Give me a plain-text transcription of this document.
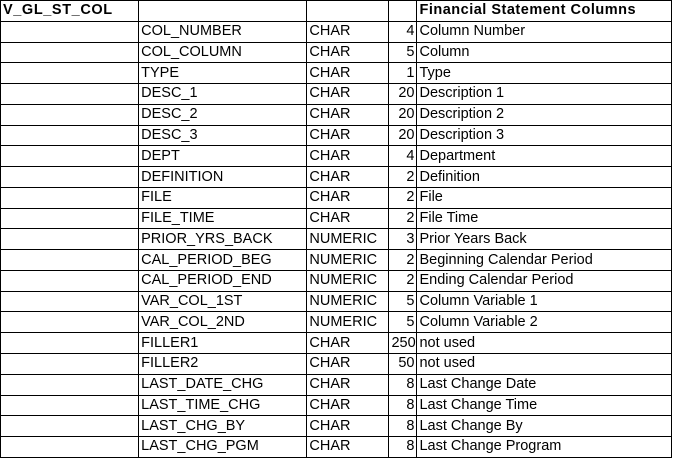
V_GL_ST_COL				Financial Statement Columns
	COL_NUMBER	CHAR	4	Column Number
	COL_COLUMN	CHAR	5	Column
	TYPE	CHAR	1	Type
	DESC_1	CHAR	20	Description 1
	DESC_2	CHAR	20	Description 2
	DESC_3	CHAR	20	Description 3
	DEPT	CHAR	4	Department
	DEFINITION	CHAR	2	Definition
	FILE	CHAR	2	File
	FILE_TIME	CHAR	2	File Time
	PRIOR_YRS_BACK	NUMERIC	3	Prior Years Back
	CAL_PERIOD_BEG	NUMERIC	2	Beginning Calendar Period
	CAL_PERIOD_END	NUMERIC	2	Ending Calendar Period
	VAR_COL_1ST	NUMERIC	5	Column Variable 1
	VAR_COL_2ND	NUMERIC	5	Column Variable 2
	FILLER1	CHAR	250	not used
	FILLER2	CHAR	50	not used
	LAST_DATE_CHG	CHAR	8	Last Change Date
	LAST_TIME_CHG	CHAR	8	Last Change Time
	LAST_CHG_BY	CHAR	8	Last Change By
	LAST_CHG_PGM	CHAR	8	Last Change Program
